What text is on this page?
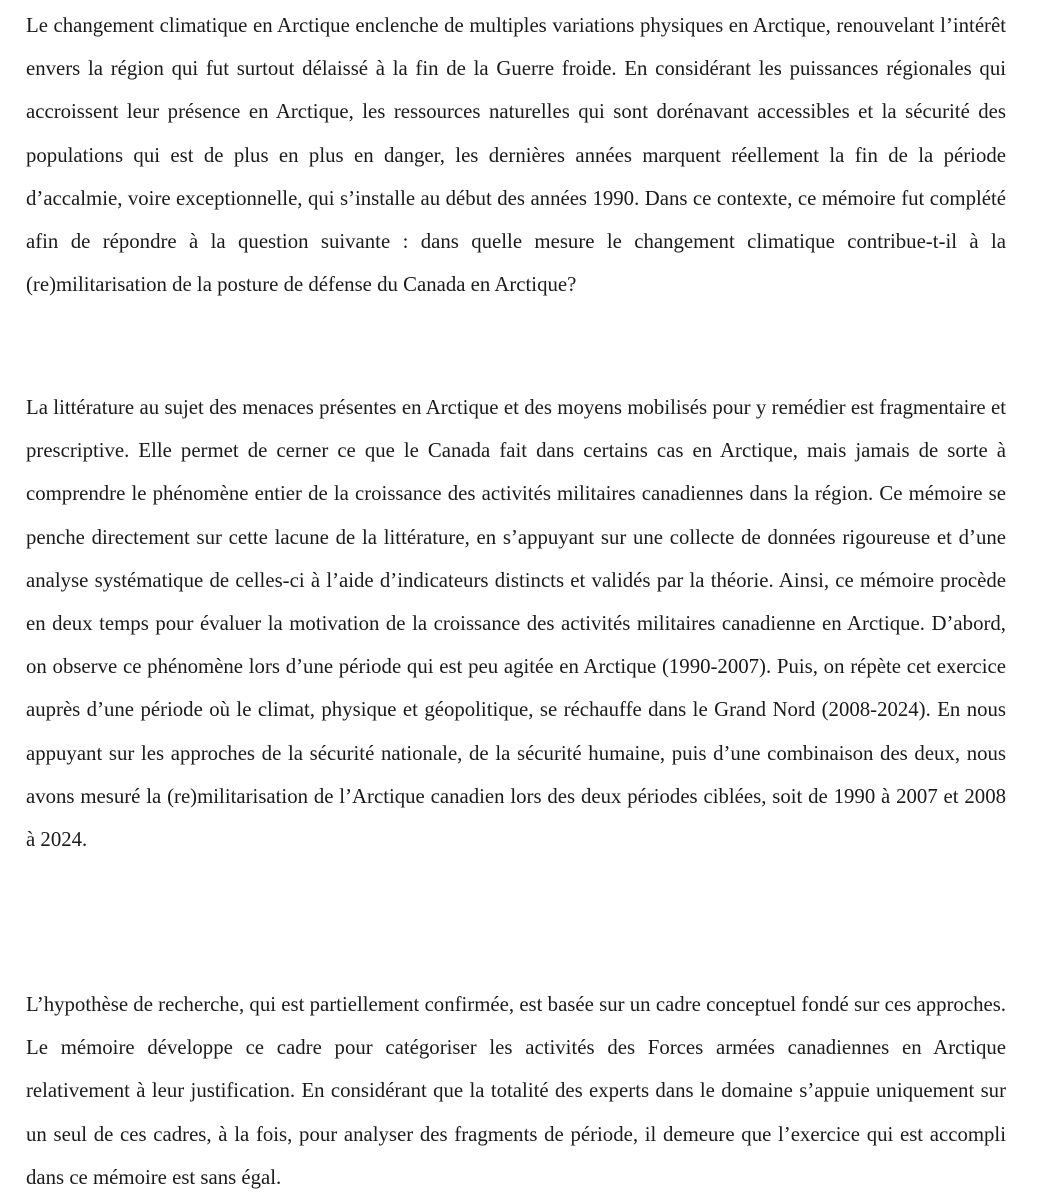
Le changement climatique en Arctique enclenche de multiples variations physiques en Arctique, renouvelant l’intérêt envers la région qui fut surtout délaissé à la fin de la Guerre froide. En considérant les puissances régionales qui accroissent leur présence en Arctique, les ressources naturelles qui sont dorénavant accessibles et la sécurité des populations qui est de plus en plus en danger, les dernières années marquent réellement la fin de la période d’accalmie, voire exceptionnelle, qui s’installe au début des années 1990. Dans ce contexte, ce mémoire fut complété afin de répondre à la question suivante : dans quelle mesure le changement climatique contribue-t-il à la (re)militarisation de la posture de défense du Canada en Arctique?

La littérature au sujet des menaces présentes en Arctique et des moyens mobilisés pour y remédier est fragmentaire et prescriptive. Elle permet de cerner ce que le Canada fait dans certains cas en Arctique, mais jamais de sorte à comprendre le phénomène entier de la croissance des activités militaires canadiennes dans la région. Ce mémoire se penche directement sur cette lacune de la littérature, en s’appuyant sur une collecte de données rigoureuse et d’une analyse systématique de celles-ci à l’aide d’indicateurs distincts et validés par la théorie. Ainsi, ce mémoire procède en deux temps pour évaluer la motivation de la croissance des activités militaires canadienne en Arctique. D’abord, on observe ce phénomène lors d’une période qui est peu agitée en Arctique (1990-2007). Puis, on répète cet exercice auprès d’une période où le climat, physique et géopolitique, se réchauffe dans le Grand Nord (2008-2024). En nous appuyant sur les approches de la sécurité nationale, de la sécurité humaine, puis d’une combinaison des deux, nous avons mesuré la (re)militarisation de l’Arctique canadien lors des deux périodes ciblées, soit de 1990 à 2007 et 2008 à 2024.

L’hypothèse de recherche, qui est partiellement confirmée, est basée sur un cadre conceptuel fondé sur ces approches. Le mémoire développe ce cadre pour catégoriser les activités des Forces armées canadiennes en Arctique relativement à leur justification. En considérant que la totalité des experts dans le domaine s’appuie uniquement sur un seul de ces cadres, à la fois, pour analyser des fragments de période, il demeure que l’exercice qui est accompli dans ce mémoire est sans égal.
